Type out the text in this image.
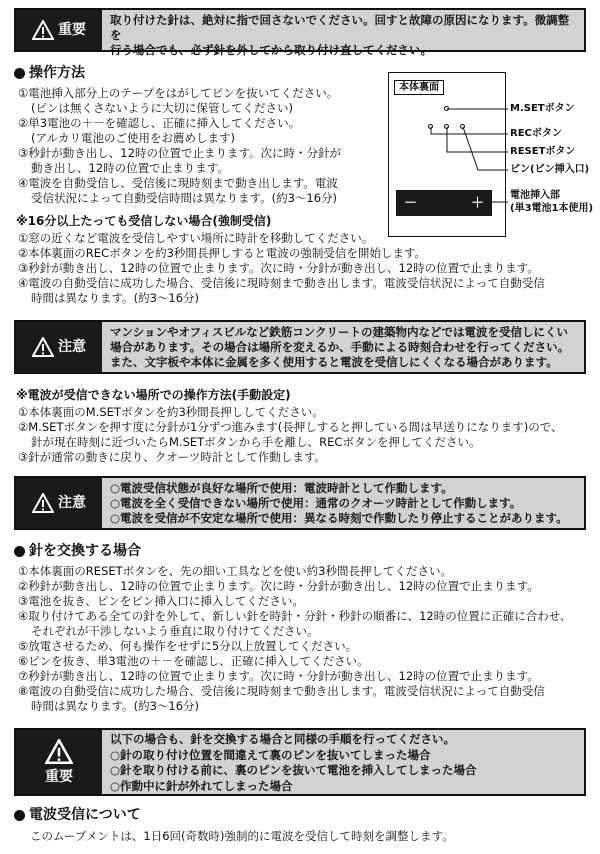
重要
取り付けた針は、絶対に指で回さないでください。回すと故障の原因になります。微調整を
行う場合でも、必ず針を外してから取り付け直してください。
操作方法
①電池挿入部分上のテープをはがしてピンを抜いてください。
(ピンは無くさないように大切に保管してください)
②単3電池の＋－を確認し、正確に挿入してください。
(アルカリ電池のご使用をお薦めします)
③秒針が動き出し、12時の位置で止まります。次に時・分針が
動き出し、12時の位置で止まります。
④電波を自動受信し、受信後に現時刻まで動き出します。電波
受信状況によって自動受信時間は異なります。(約3～16分)
本体裏面
－	＋
M.SETボタン
RECボタン
RESETボタン
ピン(ピン挿入口)
電池挿入部
(単3電池1本使用)
※16分以上たっても受信しない場合(強制受信)
①窓の近くなど電波を受信しやすい場所に時計を移動してください。
②本体裏面のRECボタンを約3秒間長押しすると電波の強制受信を開始します。
③秒針が動き出し、12時の位置で止まります。次に時・分針が動き出し、12時の位置で止まります。
④電波の自動受信に成功した場合、受信後に現時刻まで動き出します。電波受信状況によって自動受信
時間は異なります。(約3～16分)
注意
マンションやオフィスビルなど鉄筋コンクリートの建築物内などでは電波を受信しにくい
場合があります。その場合は場所を変えるか、手動による時刻合わせを行ってください。
また、文字板や本体に金属を多く使用すると電波を受信しにくくなる場合があります。
※電波が受信できない場所での操作方法(手動設定)
①本体裏面のM.SETボタンを約3秒間長押ししてください。
②M.SETボタンを押す度に分針が1分ずつ進みます(長押しすると押している間は早送りになります)ので、
針が現在時刻に近づいたらM.SETボタンから手を離し、RECボタンを押してください。
③針が通常の動きに戻り、クオーツ時計として作動します。
注意
○電波受信状態が良好な場所で使用：電波時計として作動します。
○電波を全く受信できない場所で使用：通常のクオーツ時計として作動します。
○電波を受信が不安定な場所で使用：異なる時刻で作動したり停止することがあります。
針を交換する場合
①本体裏面のRESETボタンを、先の細い工具などを使い約3秒間長押してください。
②秒針が動き出し、12時の位置で止まります。次に時・分針が動き出し、12時の位置で止まります。
③電池を抜き、ピンをピン挿入口に挿入してください。
④取り付けてある全ての針を外して、新しい針を時針・分針・秒針の順番に、12時の位置に正確に合わせ、
それぞれが干渉しないよう垂直に取り付けてください。
⑤放電させるため、何も操作をせずに5分以上放置してください。
⑥ピンを抜き、単3電池の＋－を確認し、正確に挿入してください。
⑦秒針が動き出し、12時の位置で止まります。次に時・分針が動き出し、12時の位置で止まります。
⑧電波の自動受信に成功した場合、受信後に現時刻まで動き出します。電波受信状況によって自動受信
時間は異なります。(約3～16分)
重要
以下の場合も、針を交換する場合と同様の手順を行ってください。
○針の取り付け位置を間違えて裏のピンを抜いてしまった場合
○針を取り付ける前に、裏のピンを抜いて電池を挿入してしまった場合
○作動中に針が外れてしまった場合
電波受信について
このムーブメントは、1日6回(奇数時)強制的に電波を受信して時刻を調整します。
